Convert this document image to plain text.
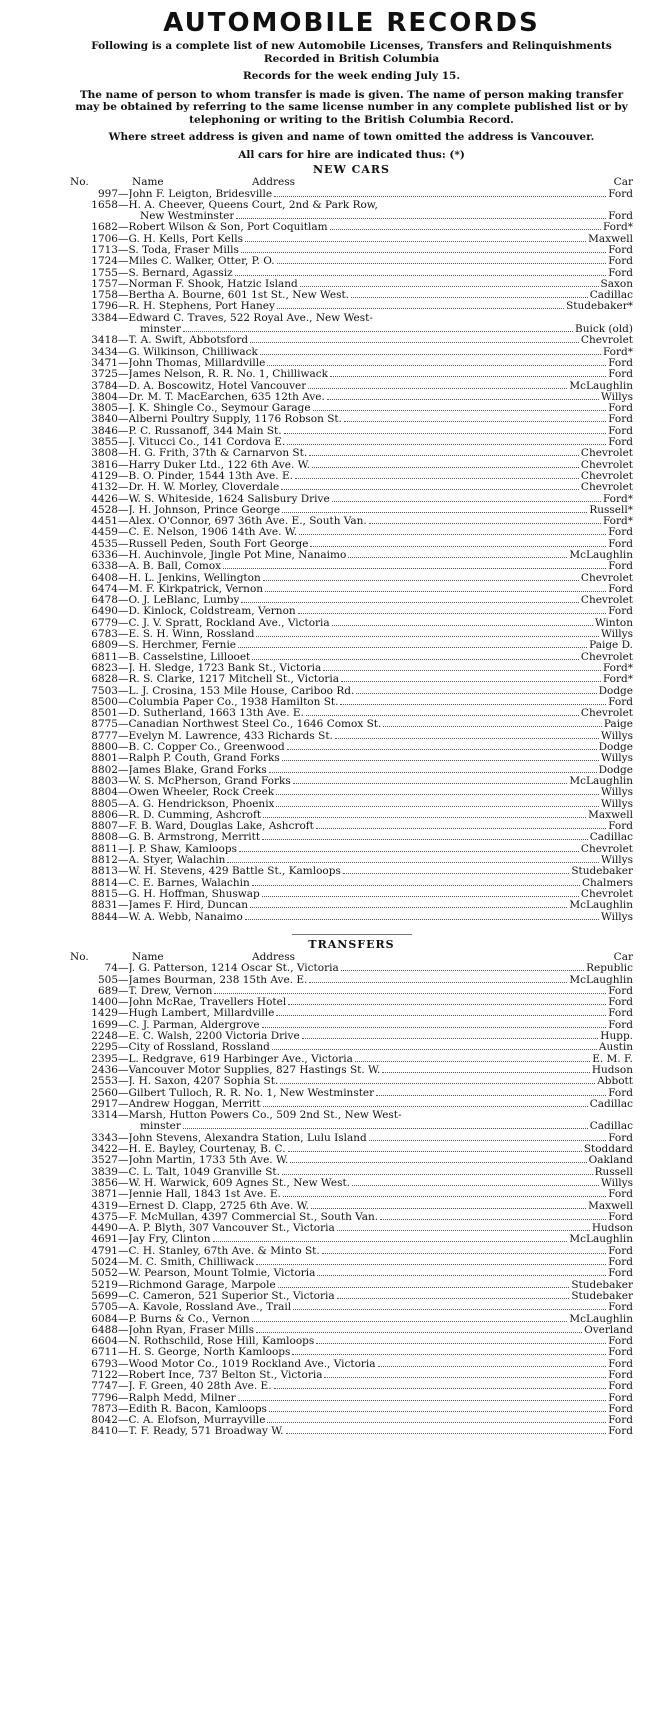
AUTOMOBILE RECORDS

Following is a complete list of new Automobile Licenses, Transfers and Relinquishments Recorded in British Columbia

Records for the week ending July 15.

The name of person to whom transfer is made is given. The name of person making transfer may be obtained by referring to the same license number in any complete published list or by telephoning or writing to the British Columbia Record.

Where street address is given and name of town omitted the address is Vancouver.

All cars for hire are indicated thus: (*)

NEW CARS
No.	Name	Address	Car
997 — John F. Leigton, Bridesville	Ford
1658 — H. A. Cheever, Queens Court, 2nd & Park Row,
New Westminster	Ford
1682 — Robert Wilson & Son, Port Coquitlam	Ford*
1706 — G. H. Kells, Port Kells	Maxwell
1713 — S. Toda, Fraser Mills	Ford
1724 — Miles C. Walker, Otter, P. O.	Ford
1755 — S. Bernard, Agassiz	Ford
1757 — Norman F. Shook, Hatzic Island	Saxon
1758 — Bertha A. Bourne, 601 1st St., New West.	Cadillac
1796 — R. H. Stephens, Port Haney	Studebaker*
3384 — Edward C. Traves, 522 Royal Ave., New West-
minster	Buick (old)
3418 — T. A. Swift, Abbotsford	Chevrolet
3434 — G. Wilkinson, Chilliwack	Ford*
3471 — John Thomas, Millardville	Ford
3725 — James Nelson, R. R. No. 1, Chilliwack	Ford
3784 — D. A. Boscowitz, Hotel Vancouver	McLaughlin
3804 — Dr. M. T. MacEarchen, 635 12th Ave.	Willys
3805 — J. K. Shingle Co., Seymour Garage	Ford
3840 — Alberni Poultry Supply, 1176 Robson St.	Ford
3846 — P. C. Russanoff, 344 Main St.	Ford
3855 — J. Vitucci Co., 141 Cordova E.	Ford
3808 — H. G. Frith, 37th & Carnarvon St.	Chevrolet
3816 — Harry Duker Ltd., 122 6th Ave. W.	Chevrolet
4129 — B. O. Pinder, 1544 13th Ave. E.	Chevrolet
4132 — Dr. H. W. Morley, Cloverdale	Chevrolet
4426 — W. S. Whiteside, 1624 Salisbury Drive	Ford*
4528 — J. H. Johnson, Prince George	Russell*
4451 — Alex. O'Connor, 697 36th Ave. E., South Van.	Ford*
4459 — C. E. Nelson, 1906 14th Ave. W.	Ford
4535 — Russell Peden, South Fort George	Ford
6336 — H. Auchinvole, Jingle Pot Mine, Nanaimo	McLaughlin
6338 — A. B. Ball, Comox	Ford
6408 — H. L. Jenkins, Wellington	Chevrolet
6474 — M. F. Kirkpatrick, Vernon	Ford
6478 — O. J. LeBlanc, Lumby	Chevrolet
6490 — D. Kinlock, Coldstream, Vernon	Ford
6779 — C. J. V. Spratt, Rockland Ave., Victoria	Winton
6783 — E. S. H. Winn, Rossland	Willys
6809 — S. Herchmer, Fernie	Paige D.
6811 — B. Casselstine, Lillooet	Chevrolet
6823 — J. H. Sledge, 1723 Bank St., Victoria	Ford*
6828 — R. S. Clarke, 1217 Mitchell St., Victoria	Ford*
7503 — L. J. Crosina, 153 Mile House, Cariboo Rd.	Dodge
8500 — Columbia Paper Co., 1938 Hamilton St.	Ford
8501 — D. Sutherland, 1663 13th Ave. E.	Chevrolet
8775 — Canadian Northwest Steel Co., 1646 Comox St.	Paige
8777 — Evelyn M. Lawrence, 433 Richards St.	Willys
8800 — B. C. Copper Co., Greenwood	Dodge
8801 — Ralph P. Couth, Grand Forks	Willys
8802 — James Blake, Grand Forks	Dodge
8803 — W. S. McPherson, Grand Forks	McLaughlin
8804 — Owen Wheeler, Rock Creek	Willys
8805 — A. G. Hendrickson, Phoenix	Willys
8806 — R. D. Cumming, Ashcroft	Maxwell
8807 — F. B. Ward, Douglas Lake, Ashcroft	Ford
8808 — G. B. Armstrong, Merritt	Cadillac
8811 — J. P. Shaw, Kamloops	Chevrolet
8812 — A. Styer, Walachin	Willys
8813 — W. H. Stevens, 429 Battle St., Kamloops	Studebaker
8814 — C. E. Barnes, Walachin	Chalmers
8815 — G. H. Hoffman, Shuswap	Chevrolet
8831 — James F. Hird, Duncan	McLaughlin
8844 — W. A. Webb, Nanaimo	Willys
TRANSFERS
No.	Name	Address	Car
74 — J. G. Patterson, 1214 Oscar St., Victoria	Republic
505 — James Bourman, 238 15th Ave. E.	McLaughlin
689 — T. Drew, Vernon	Ford
1400 — John McRae, Travellers Hotel	Ford
1429 — Hugh Lambert, Millardville	Ford
1699 — C. J. Parman, Aldergrove	Ford
2248 — E. C. Walsh, 2200 Victoria Drive	Hupp.
2295 — City of Rossland, Rossland	Austin
2395 — L. Redgrave, 619 Harbinger Ave., Victoria	E. M. F.
2436 — Vancouver Motor Supplies, 827 Hastings St. W.	Hudson
2553 — J. H. Saxon, 4207 Sophia St.	Abbott
2560 — Gilbert Tulloch, R. R. No. 1, New Westminster	Ford
2917 — Andrew Hoggan, Merritt	Cadillac
3314 — Marsh, Hutton Powers Co., 509 2nd St., New West-
minster	Cadillac
3343 — John Stevens, Alexandra Station, Lulu Island	Ford
3422 — H. E. Bayley, Courtenay, B. C.	Stoddard
3527 — John Martin, 1733 5th Ave. W.	Oakland
3839 — C. L. Talt, 1049 Granville St.	Russell
3856 — W. H. Warwick, 609 Agnes St., New West.	Willys
3871 — Jennie Hall, 1843 1st Ave. E.	Ford
4319 — Ernest D. Clapp, 2725 6th Ave. W.	Maxwell
4375 — F. McMullan, 4397 Commercial St., South Van.	Ford
4490 — A. P. Blyth, 307 Vancouver St., Victoria	Hudson
4691 — Jay Fry, Clinton	McLaughlin
4791 — C. H. Stanley, 67th Ave. & Minto St.	Ford
5024 — M. C. Smith, Chilliwack	Ford
5052 — W. Pearson, Mount Tolmie, Victoria	Ford
5219 — Richmond Garage, Marpole	Studebaker
5699 — C. Cameron, 521 Superior St., Victoria	Studebaker
5705 — A. Kavole, Rossland Ave., Trail	Ford
6084 — P. Burns & Co., Vernon	McLaughlin
6488 — John Ryan, Fraser Mills	Overland
6604 — N. Rothschild, Rose Hill, Kamloops	Ford
6711 — H. S. George, North Kamloops	Ford
6793 — Wood Motor Co., 1019 Rockland Ave., Victoria	Ford
7122 — Robert Ince, 737 Belton St., Victoria	Ford
7747 — J. F. Green, 40 28th Ave. E.	Ford
7796 — Ralph Medd, Milner	Ford
7873 — Edith R. Bacon, Kamloops	Ford
8042 — C. A. Elofson, Murrayville	Ford
8410 — T. F. Ready, 571 Broadway W.	Ford
